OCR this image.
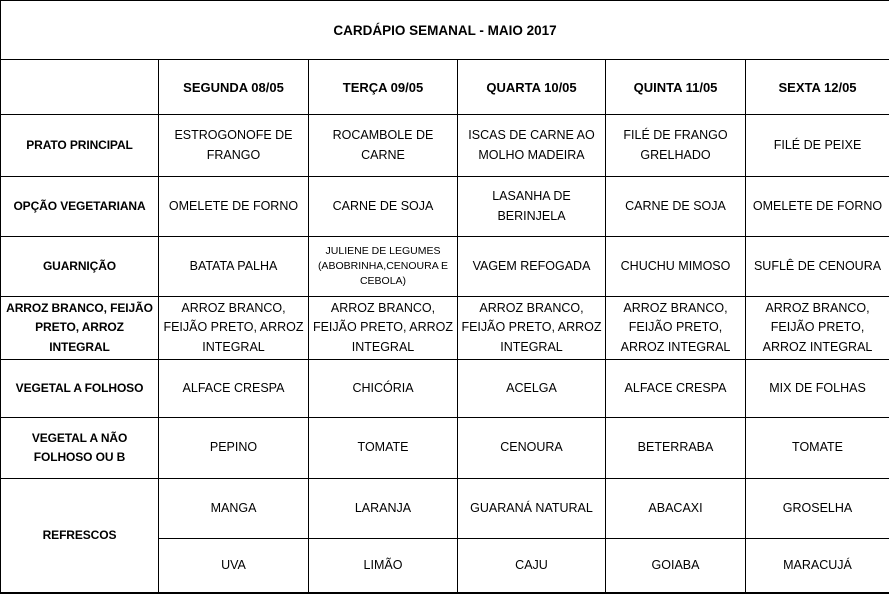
CARDÁPIO SEMANAL - MAIO 2017					
	SEGUNDA 08/05	TERÇA 09/05	QUARTA 10/05	QUINTA 11/05	SEXTA 12/05
PRATO PRINCIPAL	ESTROGONOFE DE FRANGO	ROCAMBOLE DE CARNE	ISCAS DE CARNE AO MOLHO MADEIRA	FILÉ DE FRANGO GRELHADO	FILÉ DE PEIXE
OPÇÃO VEGETARIANA	OMELETE DE FORNO	CARNE DE SOJA	LASANHA DE BERINJELA	CARNE DE SOJA	OMELETE DE FORNO
GUARNIÇÃO	BATATA PALHA	JULIENE DE LEGUMES (ABOBRINHA,CENOURA E CEBOLA)	VAGEM REFOGADA	CHUCHU MIMOSO	SUFLÊ DE CENOURA
ARROZ BRANCO, FEIJÃO PRETO, ARROZ INTEGRAL	ARROZ BRANCO, FEIJÃO PRETO, ARROZ INTEGRAL	ARROZ BRANCO, FEIJÃO PRETO, ARROZ INTEGRAL	ARROZ BRANCO, FEIJÃO PRETO, ARROZ INTEGRAL	ARROZ BRANCO, FEIJÃO PRETO, ARROZ INTEGRAL	ARROZ BRANCO, FEIJÃO PRETO, ARROZ INTEGRAL
VEGETAL A FOLHOSO	ALFACE CRESPA	CHICÓRIA	ACELGA	ALFACE CRESPA	MIX DE FOLHAS
VEGETAL A NÃO FOLHOSO OU B	PEPINO	TOMATE	CENOURA	BETERRABA	TOMATE
REFRESCOS	MANGA	LARANJA	GUARANÁ NATURAL	ABACAXI	GROSELHA
	UVA	LIMÃO	CAJU	GOIABA	MARACUJÁ
